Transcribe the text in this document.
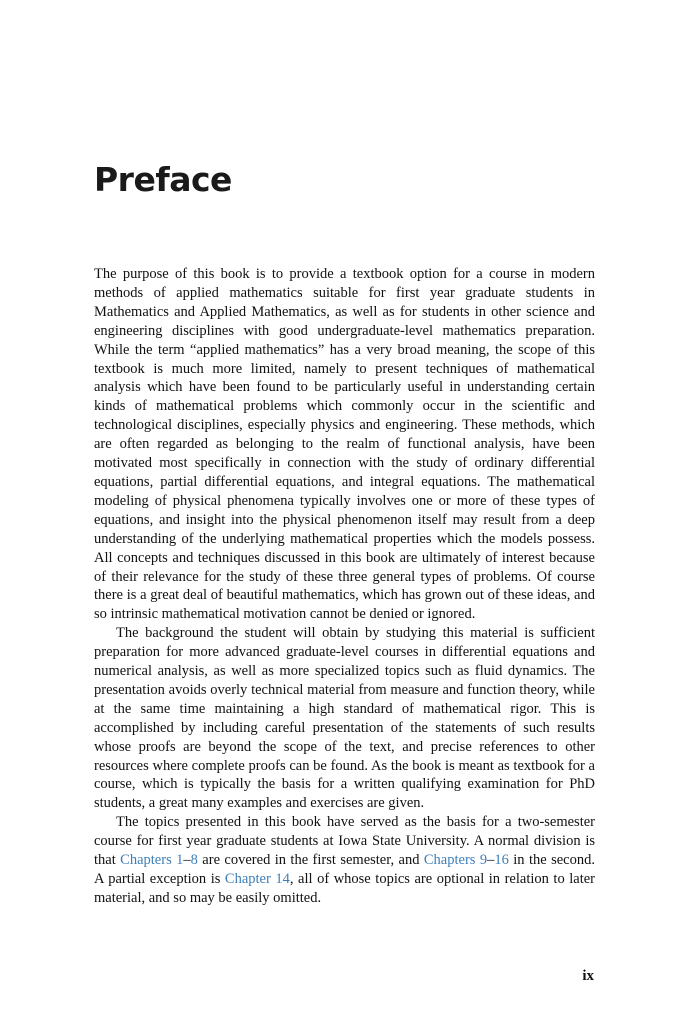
Preface

The purpose of this book is to provide a textbook option for a course in modern methods of applied mathematics suitable for first year graduate students in Mathematics and Applied Mathematics, as well as for students in other science and engineering disciplines with good undergraduate-level mathematics preparation. While the term “applied mathematics” has a very broad meaning, the scope of this textbook is much more limited, namely to present techniques of mathematical analysis which have been found to be particularly useful in understanding certain kinds of mathematical problems which commonly occur in the scientific and technological disciplines, especially physics and engineering. These methods, which are often regarded as belonging to the realm of functional analysis, have been motivated most specifically in connection with the study of ordinary differential equations, partial differential equations, and integral equations. The mathematical modeling of physical phenomena typically involves one or more of these types of equations, and insight into the physical phenomenon itself may result from a deep understanding of the underlying mathematical properties which the models possess. All concepts and techniques discussed in this book are ultimately of interest because of their relevance for the study of these three general types of problems. Of course there is a great deal of beautiful mathematics, which has grown out of these ideas, and so intrinsic mathematical motivation cannot be denied or ignored.

The background the student will obtain by studying this material is sufficient preparation for more advanced graduate-level courses in differential equations and numerical analysis, as well as more specialized topics such as fluid dynamics. The presentation avoids overly technical material from measure and function theory, while at the same time maintaining a high standard of mathematical rigor. This is accomplished by including careful presentation of the statements of such results whose proofs are beyond the scope of the text, and precise references to other resources where complete proofs can be found. As the book is meant as textbook for a course, which is typically the basis for a written qualifying examination for PhD students, a great many examples and exercises are given.

The topics presented in this book have served as the basis for a two-semester course for first year graduate students at Iowa State University. A normal division is that Chapters 1–8 are covered in the first semester, and Chapters 9–16 in the second. A partial exception is Chapter 14, all of whose topics are optional in relation to later material, and so may be easily omitted.

ix
